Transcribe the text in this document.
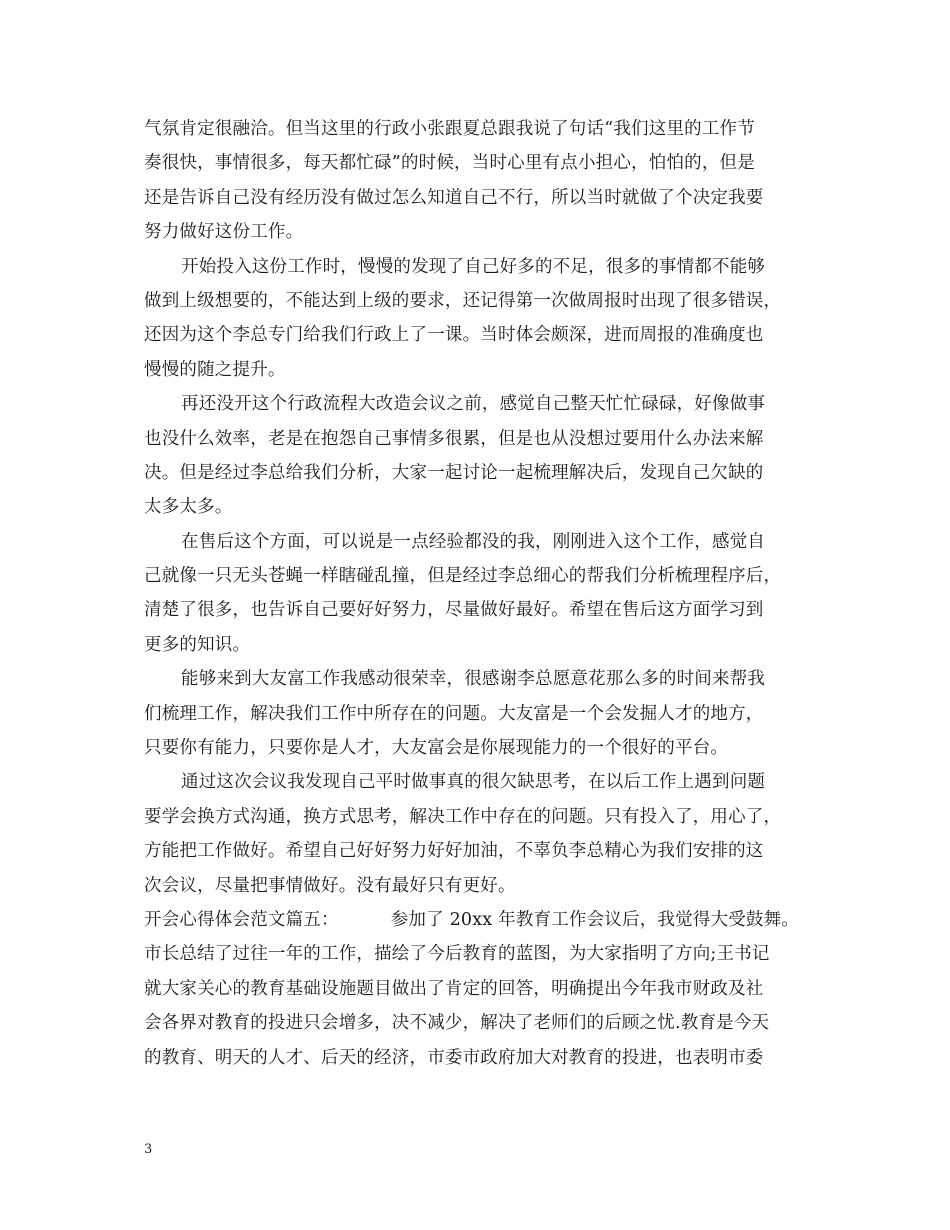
气氛肯定很融洽。但当这里的行政小张跟夏总跟我说了句话“我们这里的工作节
奏很快，事情很多，每天都忙碌”的时候，当时心里有点小担心，怕怕的，但是
还是告诉自己没有经历没有做过怎么知道自己不行，所以当时就做了个决定我要
努力做好这份工作。
开始投入这份工作时，慢慢的发现了自己好多的不足，很多的事情都不能够
做到上级想要的，不能达到上级的要求，还记得第一次做周报时出现了很多错误，
还因为这个李总专门给我们行政上了一课。当时体会颇深，进而周报的准确度也
慢慢的随之提升。
再还没开这个行政流程大改造会议之前，感觉自己整天忙忙碌碌，好像做事
也没什么效率，老是在抱怨自己事情多很累，但是也从没想过要用什么办法来解
决。但是经过李总给我们分析，大家一起讨论一起梳理解决后，发现自己欠缺的
太多太多。
在售后这个方面，可以说是一点经验都没的我，刚刚进入这个工作，感觉自
己就像一只无头苍蝇一样瞎碰乱撞，但是经过李总细心的帮我们分析梳理程序后，
清楚了很多，也告诉自己要好好努力，尽量做好最好。希望在售后这方面学习到
更多的知识。
能够来到大友富工作我感动很荣幸，很感谢李总愿意花那么多的时间来帮我
们梳理工作，解决我们工作中所存在的问题。大友富是一个会发掘人才的地方，
只要你有能力，只要你是人才，大友富会是你展现能力的一个很好的平台。
通过这次会议我发现自己平时做事真的很欠缺思考，在以后工作上遇到问题
要学会换方式沟通，换方式思考，解决工作中存在的问题。只有投入了，用心了，
方能把工作做好。希望自己好好努力好好加油，不辜负李总精心为我们安排的这
次会议，尽量把事情做好。没有最好只有更好。
开会心得体会范文篇五：	参加了 20xx 年教育工作会议后，我觉得大受鼓舞。
市长总结了过往一年的工作，描绘了今后教育的蓝图，为大家指明了方向;王书记
就大家关心的教育基础设施题目做出了肯定的回答，明确提出今年我市财政及社
会各界对教育的投进只会增多，决不减少，解决了老师们的后顾之忧.教育是今天
的教育、明天的人才、后天的经济，市委市政府加大对教育的投进，也表明市委
3
